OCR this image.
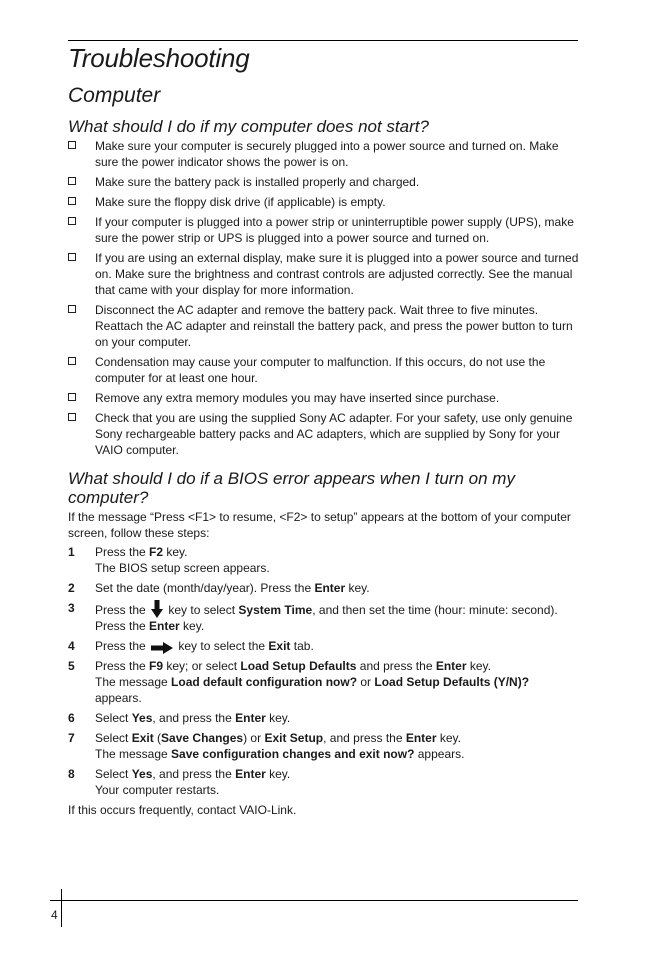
Troubleshooting
Computer
What should I do if my computer does not start?
Make sure your computer is securely plugged into a power source and turned on. Make sure the power indicator shows the power is on.
Make sure the battery pack is installed properly and charged.
Make sure the floppy disk drive (if applicable) is empty.
If your computer is plugged into a power strip or uninterruptible power supply (UPS), make sure the power strip or UPS is plugged into a power source and turned on.
If you are using an external display, make sure it is plugged into a power source and turned on. Make sure the brightness and contrast controls are adjusted correctly. See the manual that came with your display for more information.
Disconnect the AC adapter and remove the battery pack. Wait three to five minutes. Reattach the AC adapter and reinstall the battery pack, and press the power button to turn on your computer.
Condensation may cause your computer to malfunction. If this occurs, do not use the computer for at least one hour.
Remove any extra memory modules you may have inserted since purchase.
Check that you are using the supplied Sony AC adapter. For your safety, use only genuine Sony rechargeable battery packs and AC adapters, which are supplied by Sony for your VAIO computer.
What should I do if a BIOS error appears when I turn on my computer?

If the message “Press <F1> to resume, <F2> to setup” appears at the bottom of your computer screen, follow these steps:

1 Press the F2 key.
The BIOS setup screen appears.
2 Set the date (month/day/year). Press the Enter key.
3 Press the  key to select System Time, and then set the time (hour: minute: second). Press the Enter key.
4 Press the  key to select the Exit tab.
5 Press the F9 key; or select Load Setup Defaults and press the Enter key.
The message Load default configuration now? or Load Setup Defaults (Y/N)?
appears.
6 Select Yes, and press the Enter key.
7 Select Exit (Save Changes) or Exit Setup, and press the Enter key.
The message Save configuration changes and exit now? appears.
8 Select Yes, and press the Enter key.
Your computer restarts.

If this occurs frequently, contact VAIO-Link.

4
